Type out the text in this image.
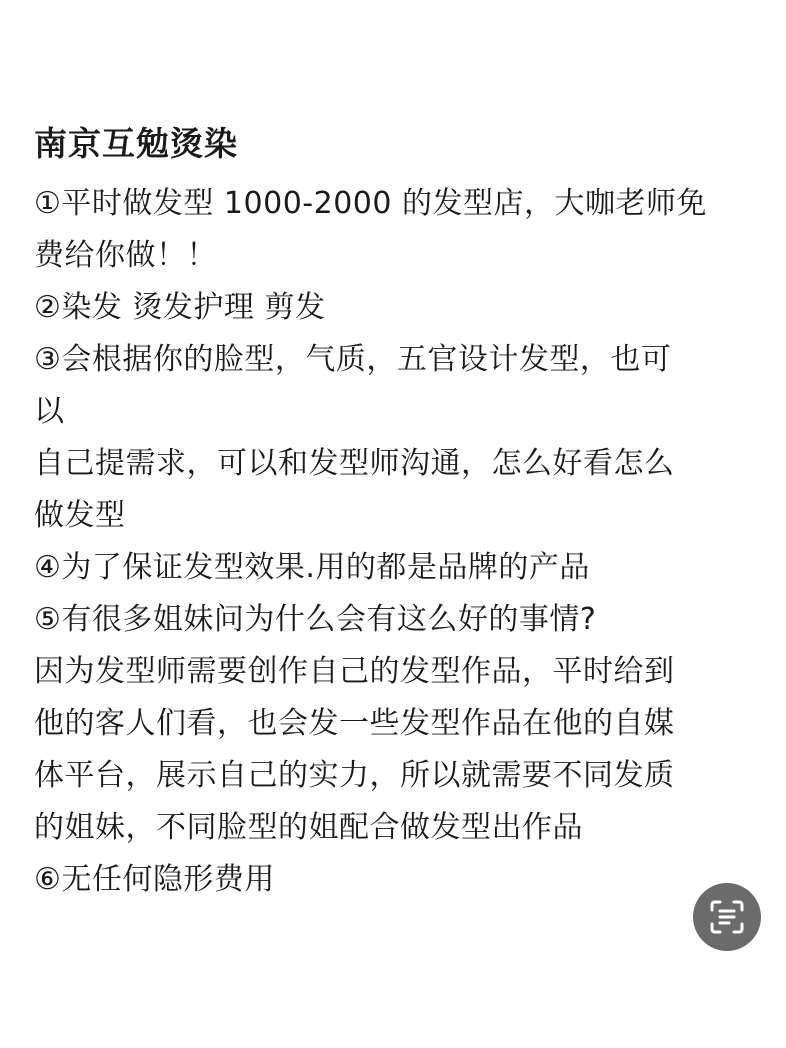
南京互勉烫染
①平时做发型 1000-2000 的发型店，大咖老师免
费给你做！！
②染发 烫发护理 剪发
③会根据你的脸型，气质，五官设计发型，也可
以
自己提需求，可以和发型师沟通，怎么好看怎么
做发型
④为了保证发型效果.用的都是品牌的产品
⑤有很多姐妹问为什么会有这么好的事情?
因为发型师需要创作自己的发型作品，平时给到
他的客人们看，也会发一些发型作品在他的自媒
体平台，展示自己的实力，所以就需要不同发质
的姐妹，不同脸型的姐配合做发型出作品
⑥无任何隐形费用
